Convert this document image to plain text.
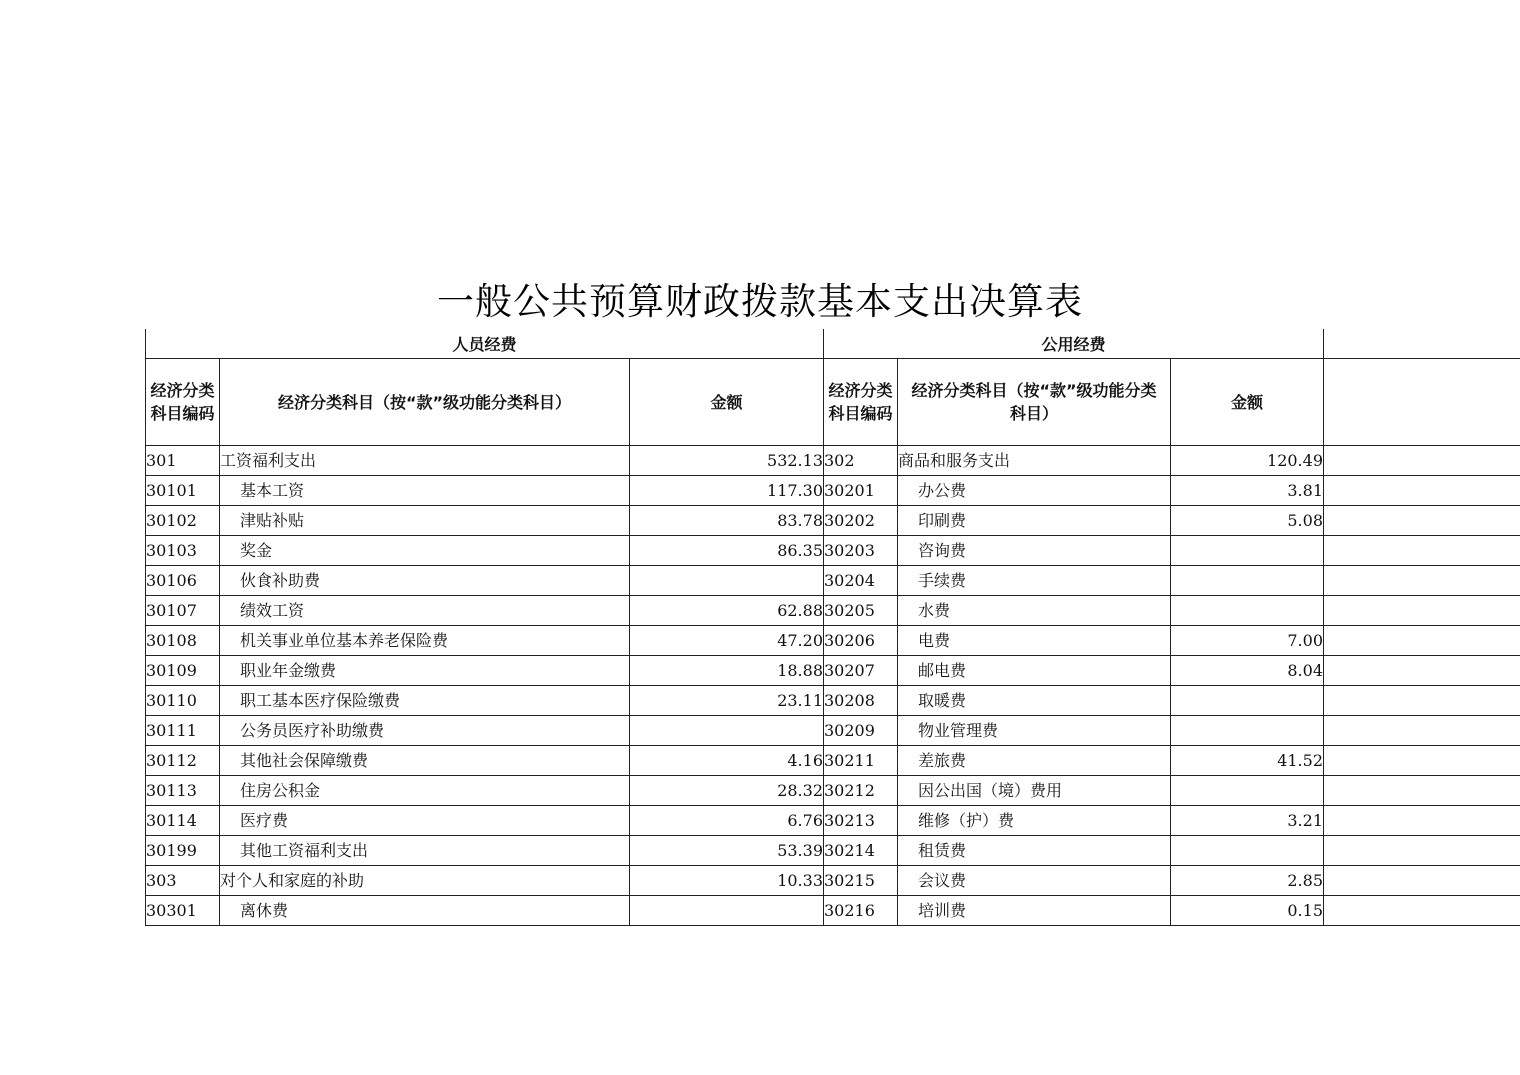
一般公共预算财政拨款基本支出决算表
人员经费			公用经费			
经济分类科目编码	经济分类科目（按“款”级功能分类科目）	金额	经济分类科目编码	经济分类科目（按“款”级功能分类科目）	金额	
301	工资福利支出	532.13	302	商品和服务支出	120.49	
30101	基本工资	117.30	30201	办公费	3.81	
30102	津贴补贴	83.78	30202	印刷费	5.08	
30103	奖金	86.35	30203	咨询费		
30106	伙食补助费		30204	手续费		
30107	绩效工资	62.88	30205	水费		
30108	机关事业单位基本养老保险费	47.20	30206	电费	7.00	
30109	职业年金缴费	18.88	30207	邮电费	8.04	
30110	职工基本医疗保险缴费	23.11	30208	取暖费		
30111	公务员医疗补助缴费		30209	物业管理费		
30112	其他社会保障缴费	4.16	30211	差旅费	41.52	
30113	住房公积金	28.32	30212	因公出国（境）费用		
30114	医疗费	6.76	30213	维修（护）费	3.21	
30199	其他工资福利支出	53.39	30214	租赁费		
303	对个人和家庭的补助	10.33	30215	会议费	2.85	
30301	离休费		30216	培训费	0.15	
